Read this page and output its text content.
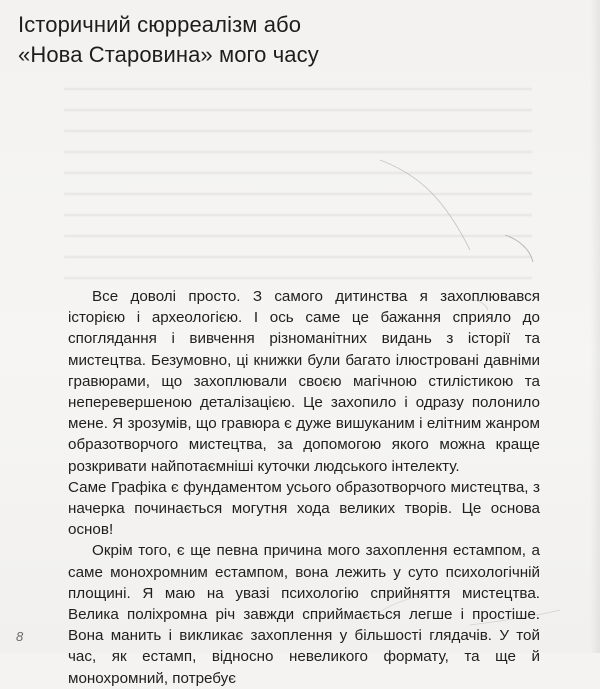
Історичний сюрреалізм або
«Нова Старовина» мого часу

Все доволі просто. З самого дитинства я захоплювався історією і археологією. І ось саме це бажання сприяло до споглядання і вивчення різноманітних видань з історії та мистецтва. Безумовно, ці книжки були багато ілюстровані давніми гравюрами, що захоплювали своєю магічною стилістикою та неперевершеною деталізацією. Це захопило і одразу полонило мене. Я зрозумів, що гравюра є дуже вишуканим і елітним жанром образотворчого мистецтва, за допомогою якого можна краще розкривати найпотаємніші куточки людського інтелекту.

Саме Графіка є фундаментом усього образотворчого мистецтва, з начерка починається могутня хода великих творів. Це основа основ!

Окрім того, є ще певна причина мого захоплення естампом, а саме монохромним естампом, вона лежить у суто психологічній площині. Я маю на увазі психологію сприйняття мистецтва. Велика поліхромна річ завжди сприймається легше і простіше. Вона манить і викликає захоплення у більшості глядачів. У той час, як естамп, відносно невеликого формату, та ще й монохромний, потребує

8
